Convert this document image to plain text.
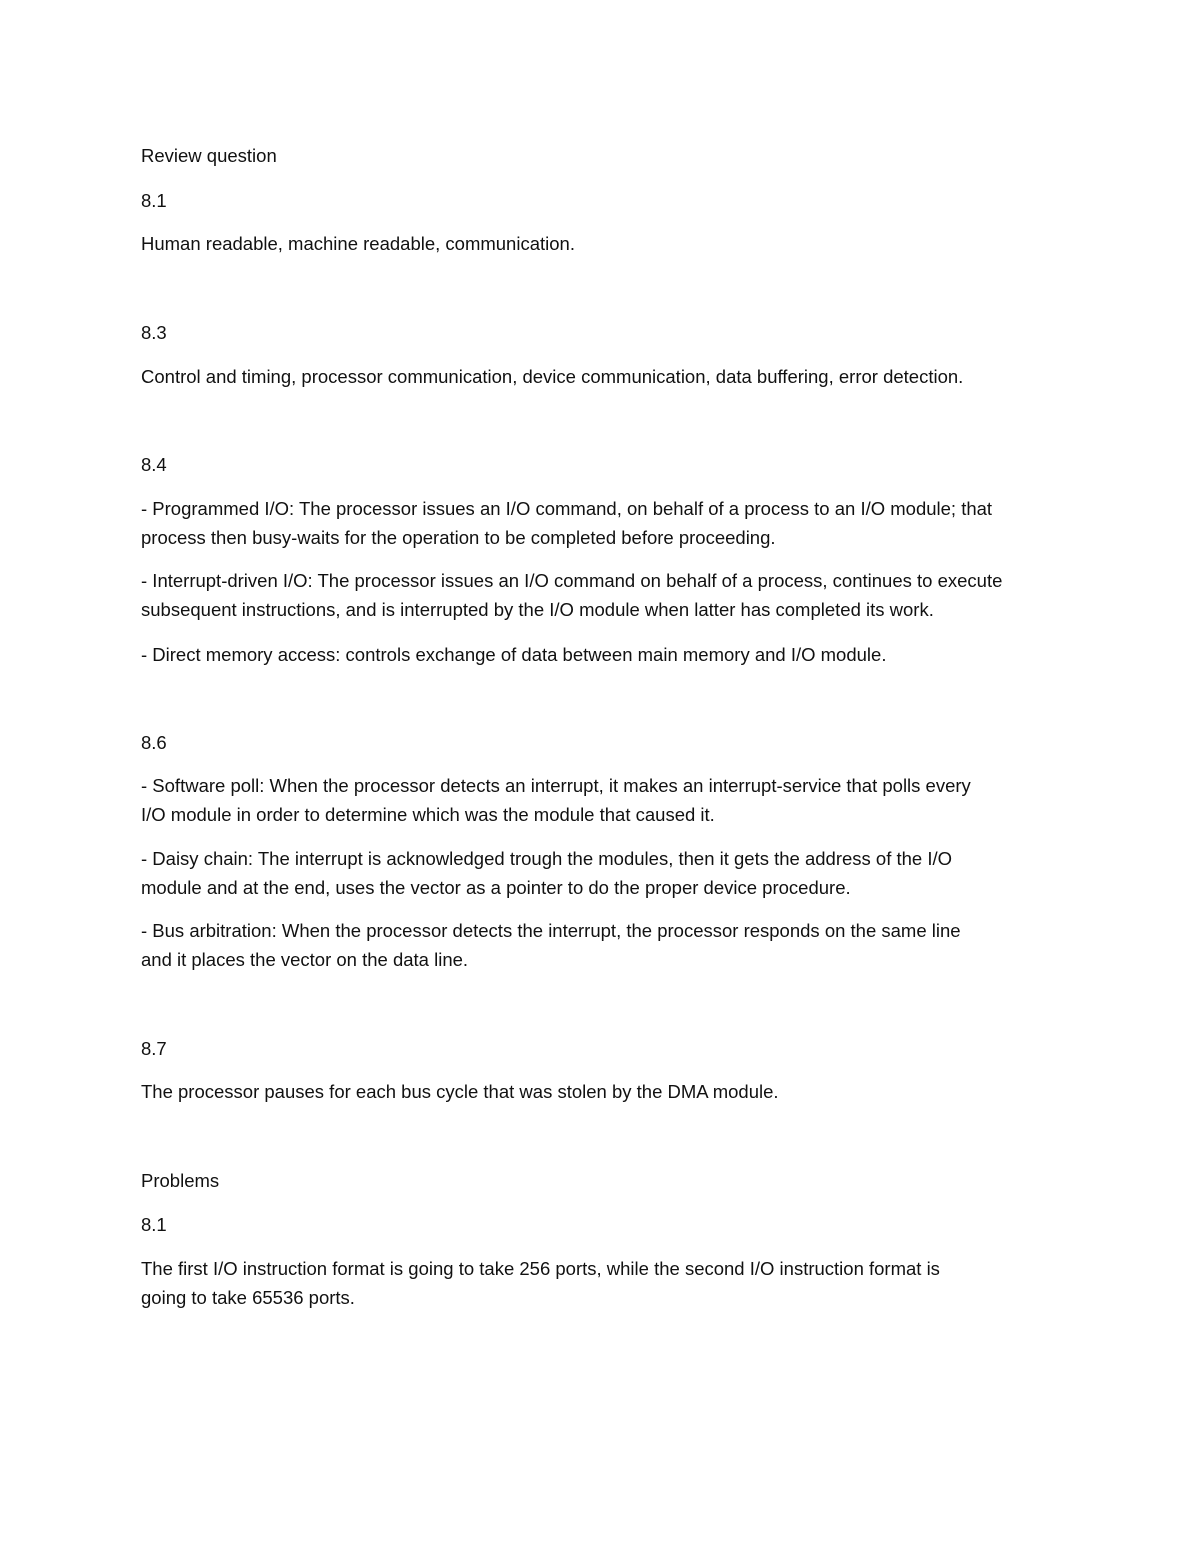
Review question
8.1
Human readable, machine readable, communication.
8.3
Control and timing, processor communication, device communication, data buffering, error detection.
8.4
- Programmed I/O: The processor issues an I/O command, on behalf of a process to an I/O module; that
process then busy-waits for the operation to be completed before proceeding.
- Interrupt-driven I/O: The processor issues an I/O command on behalf of a process, continues to execute
subsequent instructions, and is interrupted by the I/O module when latter has completed its work.
- Direct memory access: controls exchange of data between main memory and I/O module.
8.6
- Software poll: When the processor detects an interrupt, it makes an interrupt-service that polls every
I/O module in order to determine which was the module that caused it.
- Daisy chain: The interrupt is acknowledged trough the modules, then it gets the address of the I/O
module and at the end, uses the vector as a pointer to do the proper device procedure.
- Bus arbitration: When the processor detects the interrupt, the processor responds on the same line
and it places the vector on the data line.
8.7
The processor pauses for each bus cycle that was stolen by the DMA module.
Problems
8.1
The first I/O instruction format is going to take 256 ports, while the second I/O instruction format is
going to take 65536 ports.
